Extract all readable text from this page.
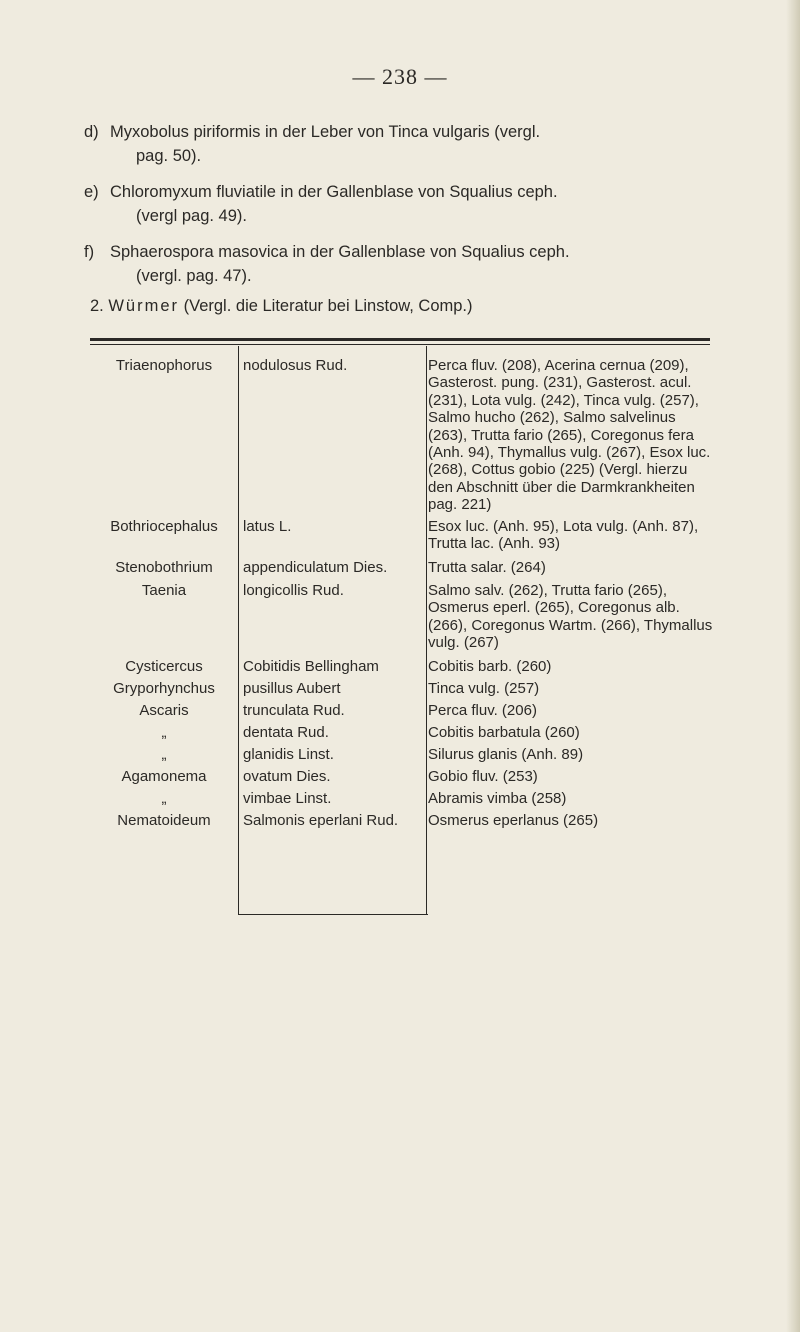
— 238 —
d) Myxobolus piriformis in der Leber von Tinca vulgaris (vergl.
pag. 50).
e) Chloromyxum fluviatile in der Gallenblase von Squalius ceph.
(vergl pag. 49).
f) Sphaerospora masovica in der Gallenblase von Squalius ceph.
(vergl. pag. 47).
2. Würmer (Vergl. die Literatur bei Linstow, Comp.)
Triaenophorus	nodulosus Rud.	Perca fluv. (208), Acerina cernua (209), Gasterost. pung. (231), Gasterost. acul. (231), Lota vulg. (242), Tinca vulg. (257), Salmo hucho (262), Salmo salvelinus (263), Trutta fario (265), Coregonus fera (Anh. 94), Thymallus vulg. (267), Esox luc. (268), Cottus gobio (225) (Vergl. hierzu den Abschnitt über die Darmkrankheiten pag. 221)
Bothriocephalus	latus L.	Esox luc. (Anh. 95), Lota vulg. (Anh. 87), Trutta lac. (Anh. 93)
Stenobothrium	appendiculatum Dies.	Trutta salar. (264)
Taenia	longicollis Rud.	Salmo salv. (262), Trutta fario (265), Osmerus eperl. (265), Coregonus alb. (266), Coregonus Wartm. (266), Thymallus vulg. (267)
Cysticercus	Cobitidis Bellingham	Cobitis barb. (260)
Gryporhynchus	pusillus Aubert	Tinca vulg. (257)
Ascaris	trunculata Rud.	Perca fluv. (206)
„	dentata Rud.	Cobitis barbatula (260)
„	glanidis Linst.	Silurus glanis (Anh. 89)
Agamonema	ovatum Dies.	Gobio fluv. (253)
„	vimbae Linst.	Abramis vimba (258)
Nematoideum	Salmonis eperlani Rud.	Osmerus eperlanus (265)
